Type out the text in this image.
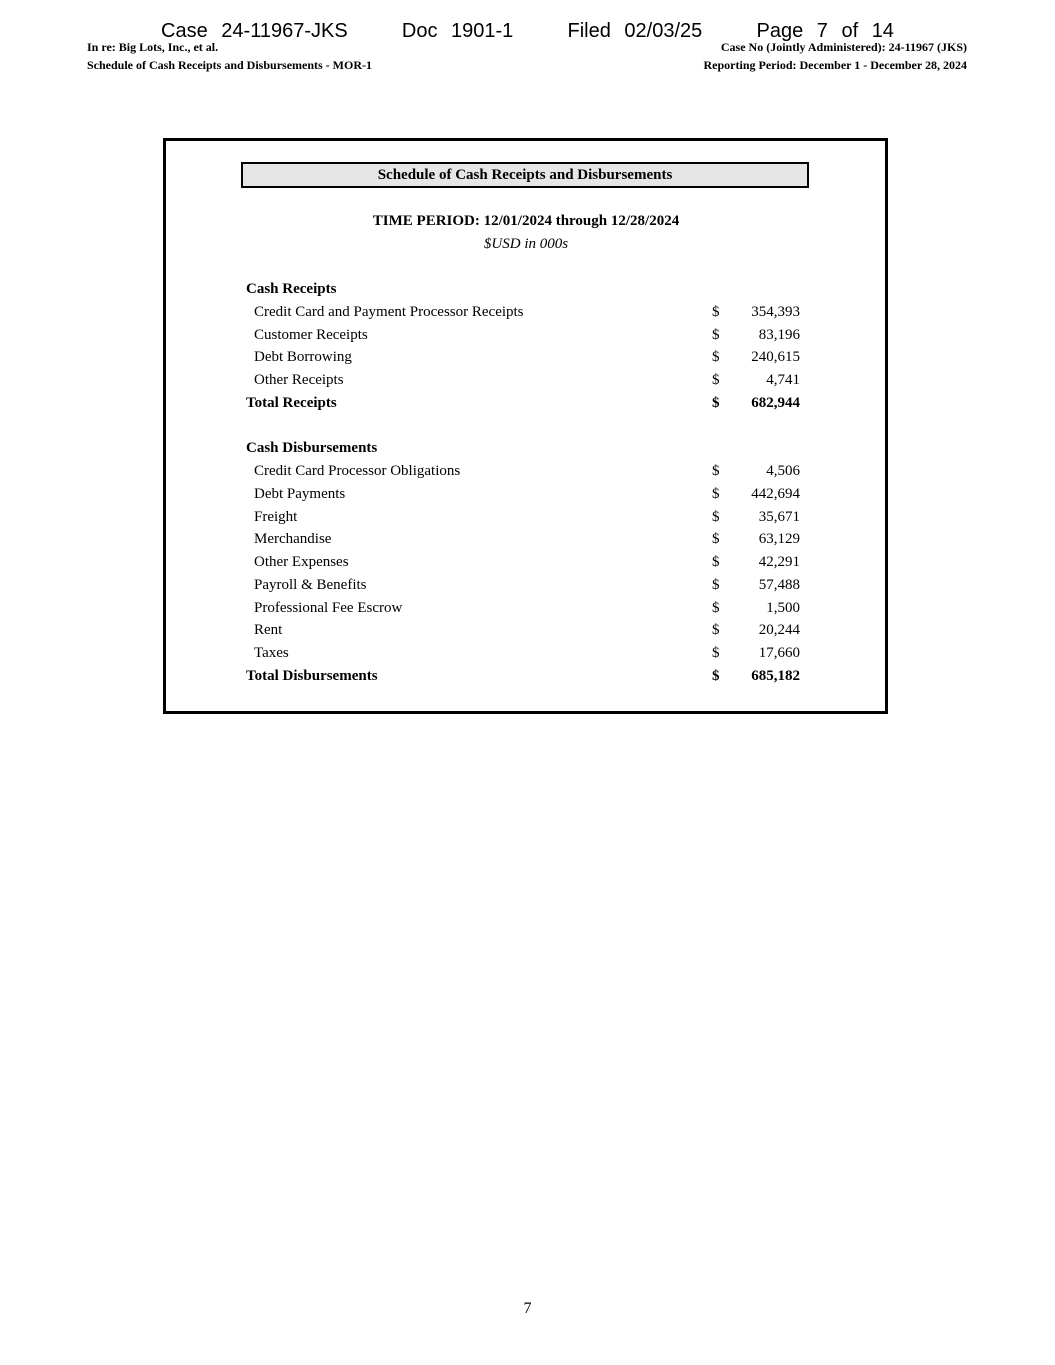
Case 24-11967-JKS    Doc 1901-1    Filed 02/03/25    Page 7 of 14
In re: Big Lots, Inc., et al.
Schedule of Cash Receipts and Disbursements - MOR-1
Case No (Jointly Administered): 24-11967 (JKS)
Reporting Period: December 1 - December 28, 2024
Schedule of Cash Receipts and Disbursements
TIME PERIOD: 12/01/2024 through 12/28/2024
$USD in 000s
Cash Receipts
Credit Card and Payment Processor Receipts	$ 354,393
Customer Receipts	$	83,196
Debt Borrowing	$ 240,615
Other Receipts	$	4,741
Total Receipts	$ 682,944
Cash Disbursements
Credit Card Processor Obligations	$	4,506
Debt Payments	$ 442,694
Freight	$	35,671
Merchandise	$	63,129
Other Expenses	$	42,291
Payroll & Benefits	$	57,488
Professional Fee Escrow	$	1,500
Rent	$	20,244
Taxes	$	17,660
Total Disbursements	$ 685,182
7
